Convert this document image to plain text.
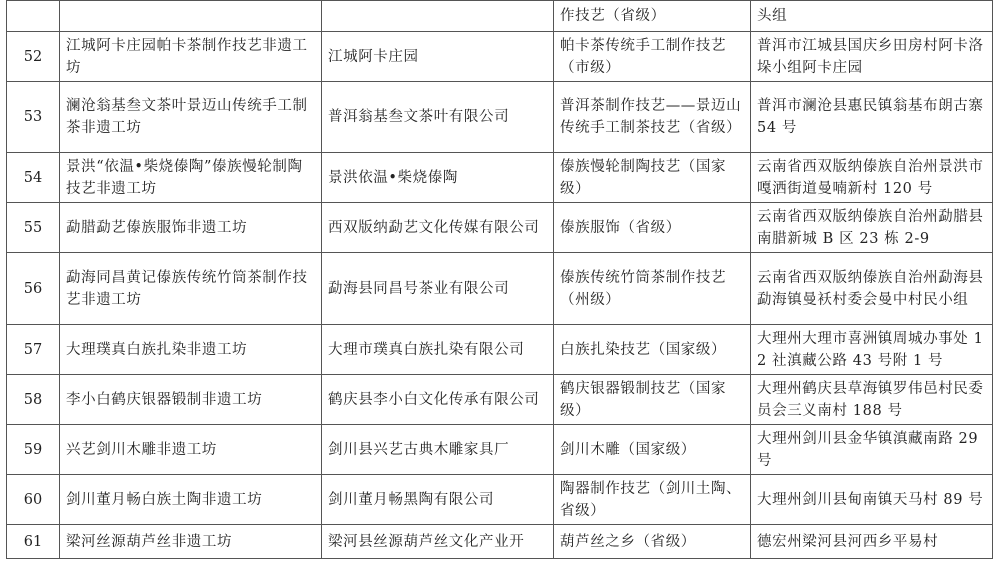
			作技艺（省级）	头组
52	江城阿卡庄园帕卡茶制作技艺非遗工坊	江城阿卡庄园	帕卡茶传统手工制作技艺（市级）	普洱市江城县国庆乡田房村阿卡洛垛小组阿卡庄园
53	澜沧翁基叁文茶叶景迈山传统手工制茶非遗工坊	普洱翁基叁文茶叶有限公司	普洱茶制作技艺——景迈山传统手工制茶技艺（省级）	普洱市澜沧县惠民镇翁基布朗古寨 54 号
54	景洪“依温•柴烧傣陶”傣族慢轮制陶技艺非遗工坊	景洪依温•柴烧傣陶	傣族慢轮制陶技艺（国家级）	云南省西双版纳傣族自治州景洪市嘎洒街道曼喃新村 120 号
55	勐腊勐艺傣族服饰非遗工坊	西双版纳勐艺文化传媒有限公司	傣族服饰（省级）	云南省西双版纳傣族自治州勐腊县南腊新城 B 区 23 栋 2-9
56	勐海同昌黄记傣族传统竹筒茶制作技艺非遗工坊	勐海县同昌号茶业有限公司	傣族传统竹筒茶制作技艺（州级）	云南省西双版纳傣族自治州勐海县勐海镇曼袄村委会曼中村民小组
57	大理璞真白族扎染非遗工坊	大理市璞真白族扎染有限公司	白族扎染技艺（国家级）	大理州大理市喜洲镇周城办事处 12 社滇藏公路 43 号附 1 号
58	李小白鹤庆银器锻制非遗工坊	鹤庆县李小白文化传承有限公司	鹤庆银器锻制技艺（国家级）	大理州鹤庆县草海镇罗伟邑村民委员会三义南村 188 号
59	兴艺剑川木雕非遗工坊	剑川县兴艺古典木雕家具厂	剑川木雕（国家级）	大理州剑川县金华镇滇藏南路 29 号
60	剑川董月畅白族土陶非遗工坊	剑川董月畅黑陶有限公司	陶器制作技艺（剑川土陶、省级）	大理州剑川县甸南镇天马村 89 号
61	梁河丝源葫芦丝非遗工坊	梁河县丝源葫芦丝文化产业开	葫芦丝之乡（省级）	德宏州梁河县河西乡平易村
